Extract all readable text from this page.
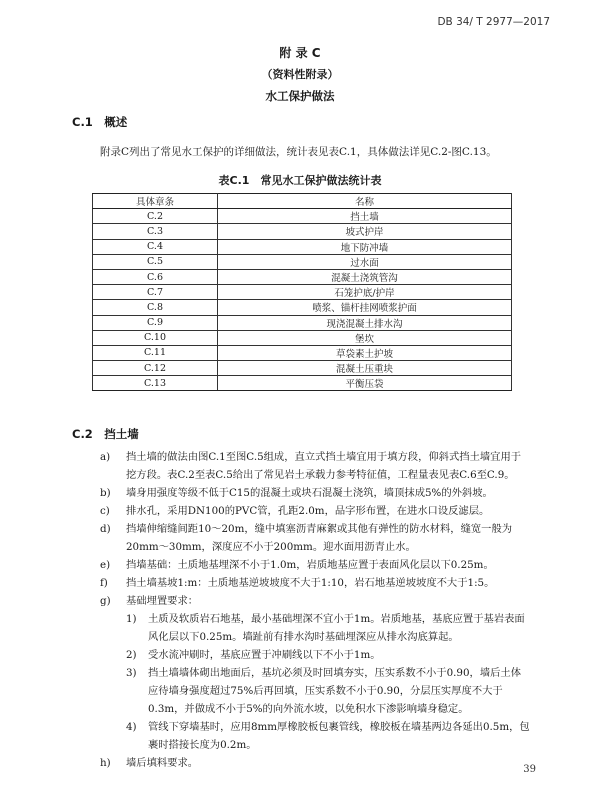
DB 34/ T 2977—2017
附 录 C
（资料性附录）
水工保护做法
C.1　概述
附录C列出了常见水工保护的详细做法，统计表见表C.1，具体做法详见C.2-图C.13。
表C.1　常见水工保护做法统计表
具体章条	名称
C.2	挡土墙
C.3	坡式护岸
C.4	地下防冲墙
C.5	过水面
C.6	混凝土浇筑管沟
C.7	石笼护底/护岸
C.8	喷浆、锚杆挂网喷浆护面
C.9	现浇混凝土排水沟
C.10	堡坎
C.11	草袋素土护坡
C.12	混凝土压重块
C.13	平衡压袋
C.2　挡土墙
a) 挡土墙的做法由图C.1至图C.5组成，直立式挡土墙宜用于填方段，仰斜式挡土墙宜用于挖方段。表C.2至表C.5给出了常见岩土承载力参考特征值，工程量表见表C.6至C.9。
b) 墙身用强度等级不低于C15的混凝土或块石混凝土浇筑，墙顶抹成5%的外斜坡。
c) 排水孔，采用DN100的PVC管，孔距2.0m，品字形布置，在进水口设反滤层。
d) 挡墙伸缩缝间距10～20m，缝中填塞沥青麻絮或其他有弹性的防水材料，缝宽一般为20mm～30mm，深度应不小于200mm。迎水面用沥青止水。
e) 挡墙基础：土质地基埋深不小于1.0m，岩质地基应置于表面风化层以下0.25m。
f) 挡土墙基坡1:m：土质地基逆坡坡度不大于1:10，岩石地基逆坡坡度不大于1:5。
g) 基础埋置要求：
1) 土质及软质岩石地基，最小基础埋深不宜小于1m。岩质地基，基底应置于基岩表面风化层以下0.25m。墙趾前有排水沟时基础埋深应从排水沟底算起。
2) 受水流冲刷时，基底应置于冲刷线以下不小于1m。
3) 挡土墙墙体砌出地面后，基坑必须及时回填夯实，压实系数不小于0.90，墙后土体应待墙身强度超过75%后再回填，压实系数不小于0.90，分层压实厚度不大于0.3m，并做成不小于5%的向外流水坡，以免积水下渗影响墙身稳定。
4) 管线下穿墙基时，应用8mm厚橡胶板包裹管线，橡胶板在墙基两边各延出0.5m，包裹时搭接长度为0.2m。
h) 墙后填料要求。
39
